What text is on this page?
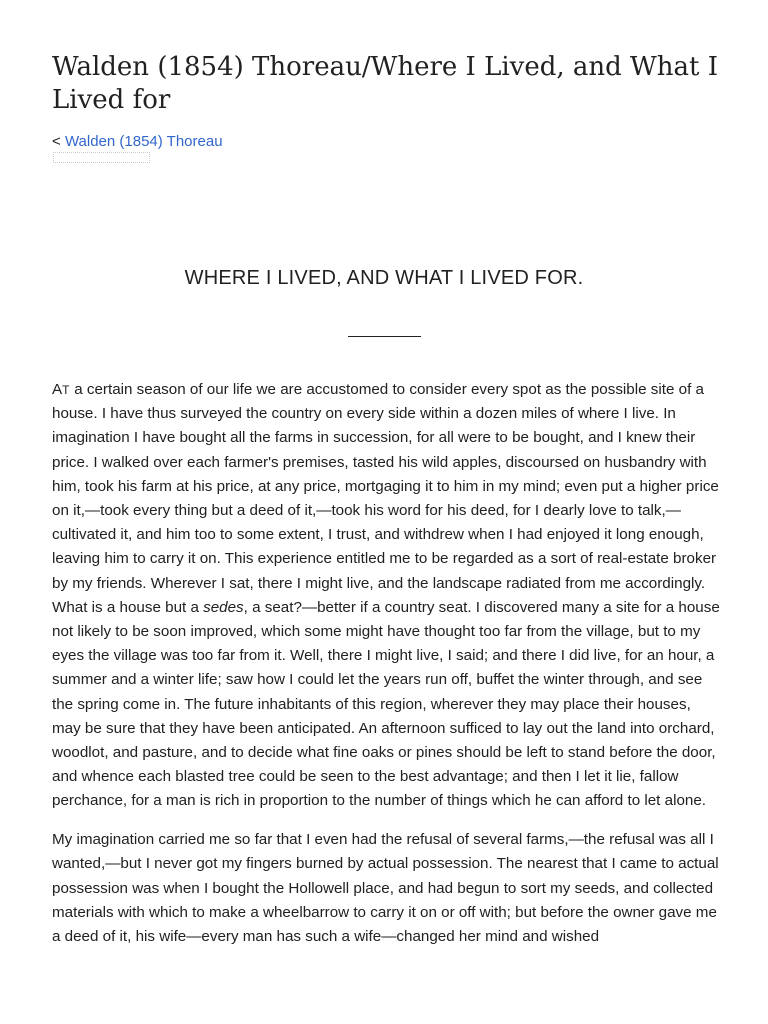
Walden (1854) Thoreau/Where I Lived, and What I Lived for
< Walden (1854) Thoreau
WHERE I LIVED, AND WHAT I LIVED FOR.

AT a certain season of our life we are accustomed to consider every spot as the possible site of a house. I have thus surveyed the country on every side within a dozen miles of where I live. In imagination I have bought all the farms in succession, for all were to be bought, and I knew their price. I walked over each farmer's premises, tasted his wild apples, discoursed on husbandry with him, took his farm at his price, at any price, mortgaging it to him in my mind; even put a higher price on it,—took every thing but a deed of it,—took his word for his deed, for I dearly love to talk,—cultivated it, and him too to some extent, I trust, and withdrew when I had enjoyed it long enough, leaving him to carry it on. This experience entitled me to be regarded as a sort of real-estate broker by my friends. Wherever I sat, there I might live, and the landscape radiated from me accordingly. What is a house but a sedes, a seat?—better if a country seat. I discovered many a site for a house not likely to be soon improved, which some might have thought too far from the village, but to my eyes the village was too far from it. Well, there I might live, I said; and there I did live, for an hour, a summer and a winter life; saw how I could let the years run off, buffet the winter through, and see the spring come in. The future inhabitants of this region, wherever they may place their houses, may be sure that they have been anticipated. An afternoon sufficed to lay out the land into orchard, woodlot, and pasture, and to decide what fine oaks or pines should be left to stand before the door, and whence each blasted tree could be seen to the best advantage; and then I let it lie, fallow perchance, for a man is rich in proportion to the number of things which he can afford to let alone.

My imagination carried me so far that I even had the refusal of several farms,—the refusal was all I wanted,—but I never got my fingers burned by actual possession. The nearest that I came to actual possession was when I bought the Hollowell place, and had begun to sort my seeds, and collected materials with which to make a wheelbarrow to carry it on or off with; but before the owner gave me a deed of it, his wife—every man has such a wife—changed her mind and wished
